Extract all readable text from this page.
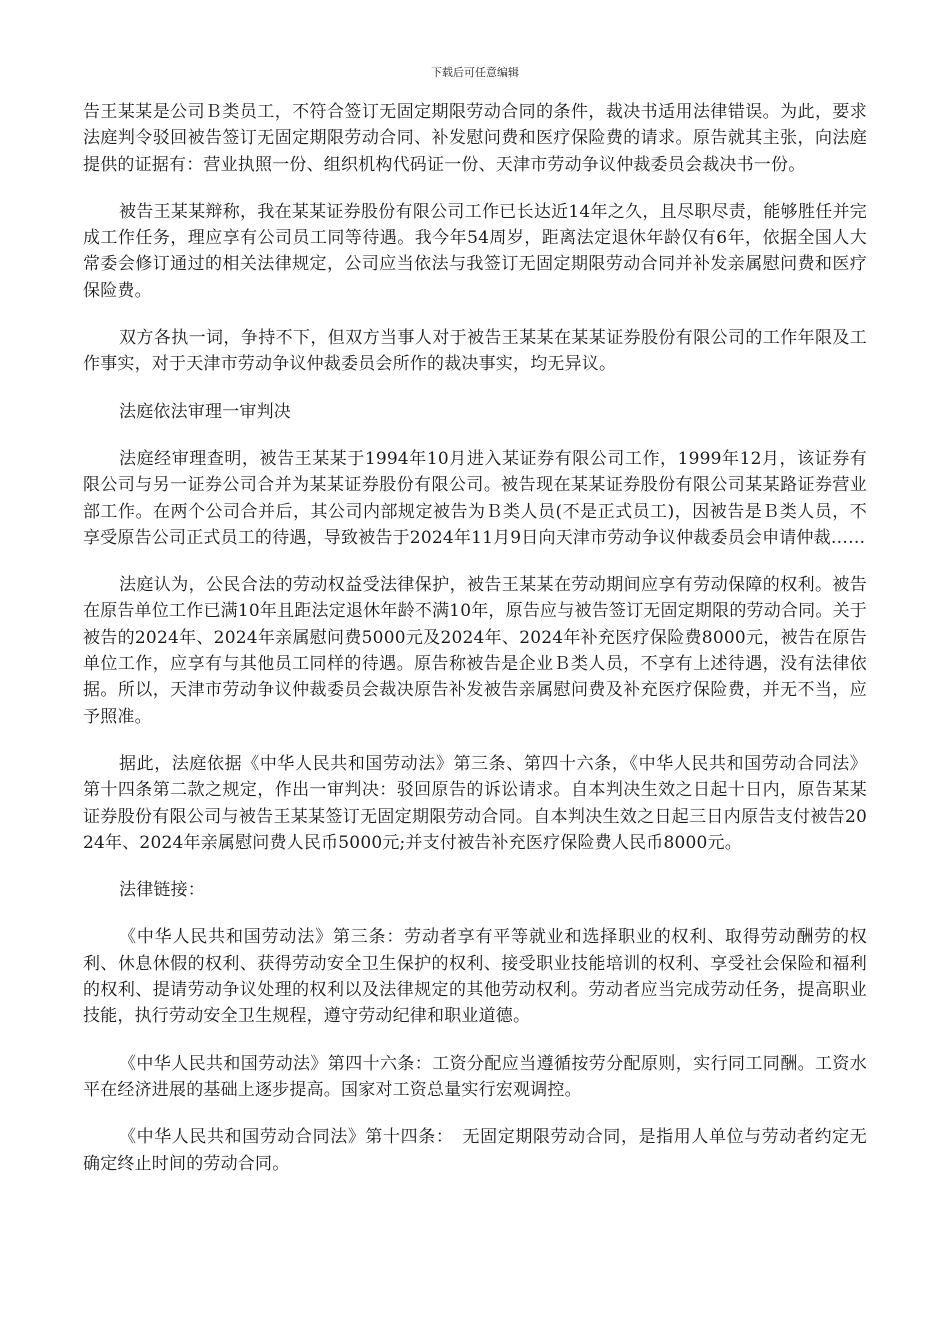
下载后可任意编辑

告王某某是公司Ｂ类员工，不符合签订无固定期限劳动合同的条件，裁决书适用法律错误。为此，要求法庭判令驳回被告签订无固定期限劳动合同、补发慰问费和医疗保险费的请求。原告就其主张，向法庭提供的证据有：营业执照一份、组织机构代码证一份、天津市劳动争议仲裁委员会裁决书一份。

被告王某某辩称，我在某某证券股份有限公司工作已长达近14年之久，且尽职尽责，能够胜任并完成工作任务，理应享有公司员工同等待遇。我今年54周岁，距离法定退休年龄仅有6年，依据全国人大常委会修订通过的相关法律规定，公司应当依法与我签订无固定期限劳动合同并补发亲属慰问费和医疗保险费。

双方各执一词，争持不下，但双方当事人对于被告王某某在某某证券股份有限公司的工作年限及工作事实，对于天津市劳动争议仲裁委员会所作的裁决事实，均无异议。

法庭依法审理一审判决

法庭经审理查明，被告王某某于1994年10月进入某证券有限公司工作，1999年12月，该证券有限公司与另一证券公司合并为某某证券股份有限公司。被告现在某某证券股份有限公司某某路证券营业部工作。在两个公司合并后，其公司内部规定被告为Ｂ类人员(不是正式员工)，因被告是Ｂ类人员，不享受原告公司正式员工的待遇，导致被告于2024年11月9日向天津市劳动争议仲裁委员会申请仲裁……

法庭认为，公民合法的劳动权益受法律保护，被告王某某在劳动期间应享有劳动保障的权利。被告在原告单位工作已满10年且距法定退休年龄不满10年，原告应与被告签订无固定期限的劳动合同。关于被告的2024年、2024年亲属慰问费5000元及2024年、2024年补充医疗保险费8000元，被告在原告单位工作，应享有与其他员工同样的待遇。原告称被告是企业Ｂ类人员，不享有上述待遇，没有法律依据。所以，天津市劳动争议仲裁委员会裁决原告补发被告亲属慰问费及补充医疗保险费，并无不当，应予照准。

据此，法庭依据《中华人民共和国劳动法》第三条、第四十六条，《中华人民共和国劳动合同法》第十四条第二款之规定，作出一审判决：驳回原告的诉讼请求。自本判决生效之日起十日内，原告某某证券股份有限公司与被告王某某签订无固定期限劳动合同。自本判决生效之日起三日内原告支付被告2024年、2024年亲属慰问费人民币5000元;并支付被告补充医疗保险费人民币8000元。

法律链接：

《中华人民共和国劳动法》第三条：劳动者享有平等就业和选择职业的权利、取得劳动酬劳的权利、休息休假的权利、获得劳动安全卫生保护的权利、接受职业技能培训的权利、享受社会保险和福利的权利、提请劳动争议处理的权利以及法律规定的其他劳动权利。劳动者应当完成劳动任务，提高职业技能，执行劳动安全卫生规程，遵守劳动纪律和职业道德。

《中华人民共和国劳动法》第四十六条：工资分配应当遵循按劳分配原则，实行同工同酬。工资水平在经济进展的基础上逐步提高。国家对工资总量实行宏观调控。

《中华人民共和国劳动合同法》第十四条：　无固定期限劳动合同，是指用人单位与劳动者约定无确定终止时间的劳动合同。
